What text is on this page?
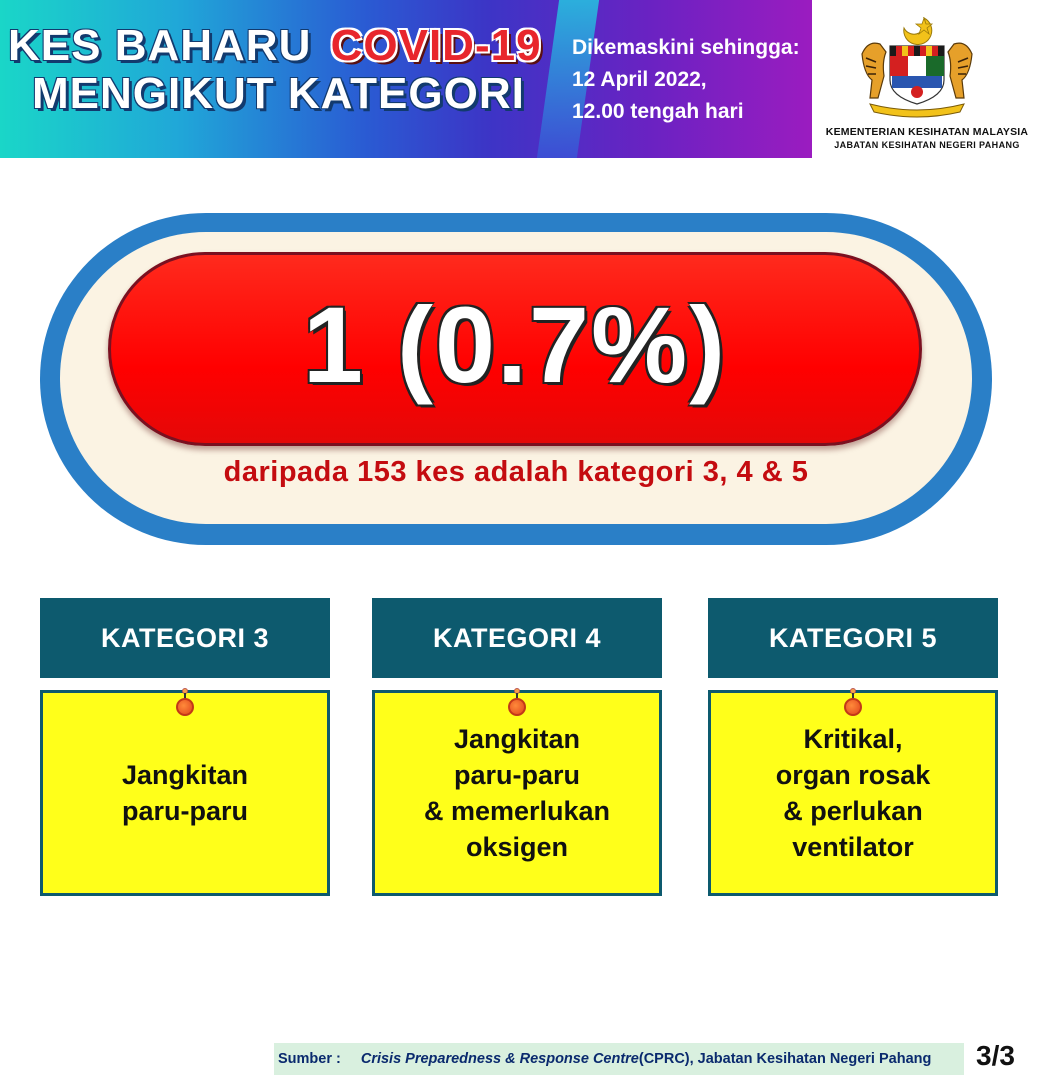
KES BAHARU COVID-19
MENGIKUT KATEGORI
Dikemaskini sehingga:
12 April 2022,
12.00 tengah hari
KEMENTERIAN KESIHATAN MALAYSIA
JABATAN KESIHATAN NEGERI PAHANG
1 (0.7%)
daripada 153 kes adalah kategori 3, 4 & 5
KATEGORI 3
Jangkitan
paru-paru
KATEGORI 4
Jangkitan
paru-paru
& memerlukan
oksigen
KATEGORI 5
Kritikal,
organ rosak
& perlukan
ventilator
Sumber : Crisis Preparedness & Response Centre (CPRC), Jabatan Kesihatan Negeri Pahang 3/3
